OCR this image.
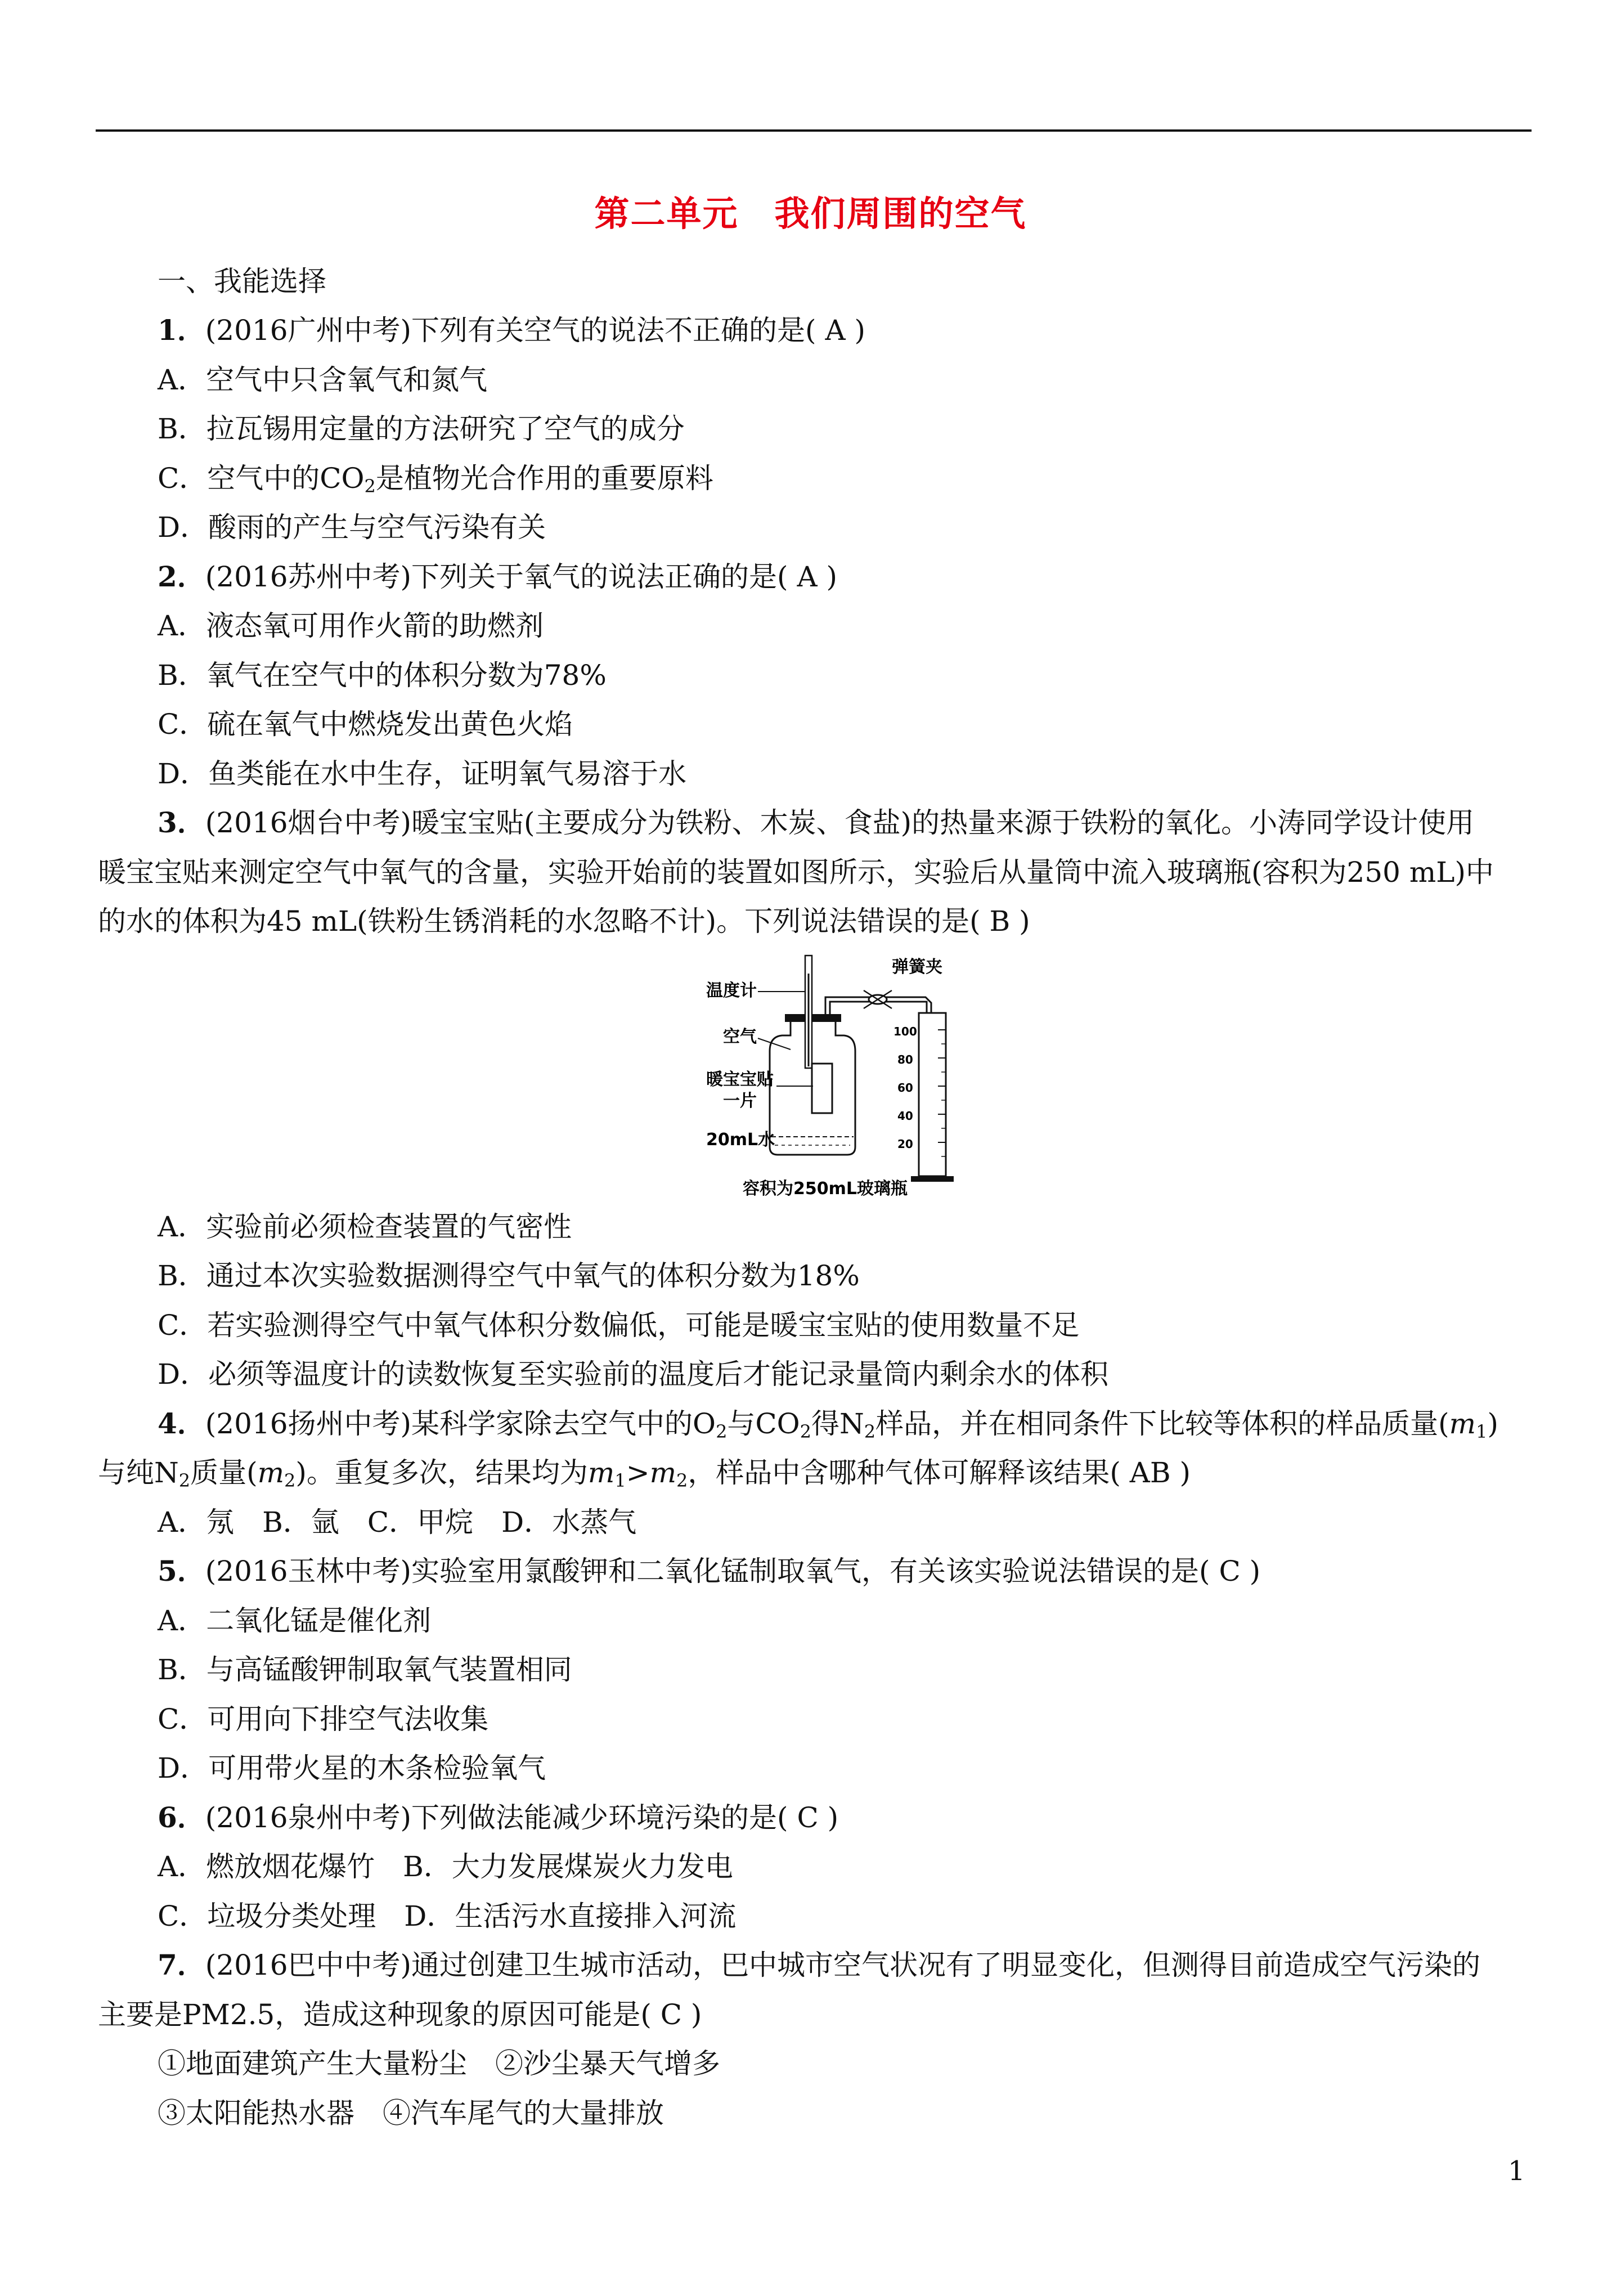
第二单元　我们周围的空气
一、我能选择
1．(2016广州中考)下列有关空气的说法不正确的是( A )
A．空气中只含氧气和氮气
B．拉瓦锡用定量的方法研究了空气的成分
C．空气中的$CO_2$是植物光合作用的重要原料
D．酸雨的产生与空气污染有关
2．(2016苏州中考)下列关于氧气的说法正确的是( A )
A．液态氧可用作火箭的助燃剂
B．氧气在空气中的体积分数为78%
C．硫在氧气中燃烧发出黄色火焰
D．鱼类能在水中生存，证明氧气易溶于水
3．(2016烟台中考)暖宝宝贴(主要成分为铁粉、木炭、食盐)的热量来源于铁粉的氧化。小涛同学设计使用
暖宝宝贴来测定空气中氧气的含量，实验开始前的装置如图所示，实验后从量筒中流入玻璃瓶(容积为250 mL)中
的水的体积为45 mL(铁粉生锈消耗的水忽略不计)。下列说法错误的是( B )
弹簧夹
温度计
空气
暖宝宝贴
一片
20mL水
容积为250mL玻璃瓶
100
80
60
40
20
A．实验前必须检查装置的气密性
B．通过本次实验数据测得空气中氧气的体积分数为18%
C．若实验测得空气中氧气体积分数偏低，可能是暖宝宝贴的使用数量不足
D．必须等温度计的读数恢复至实验前的温度后才能记录量筒内剩余水的体积
4．(2016扬州中考)某科学家除去空气中的$O_2$与$CO_2$得$N_2$样品，并在相同条件下比较等体积的样品质量$(m_1)$
与纯$N_2$质量$(m_2)$。重复多次，结果均为$m_1>m_2$，样品中含哪种气体可解释该结果( AB )
A．氖　B．氩　C．甲烷　D．水蒸气
5．(2016玉林中考)实验室用氯酸钾和二氧化锰制取氧气，有关该实验说法错误的是( C )
A．二氧化锰是催化剂
B．与高锰酸钾制取氧气装置相同
C．可用向下排空气法收集
D．可用带火星的木条检验氧气
6．(2016泉州中考)下列做法能减少环境污染的是( C )
A．燃放烟花爆竹　B．大力发展煤炭火力发电
C．垃圾分类处理　D．生活污水直接排入河流
7．(2016巴中中考)通过创建卫生城市活动，巴中城市空气状况有了明显变化，但测得目前造成空气污染的
主要是PM2.5，造成这种现象的原因可能是( C )
①地面建筑产生大量粉尘　②沙尘暴天气增多
③太阳能热水器　④汽车尾气的大量排放
1
